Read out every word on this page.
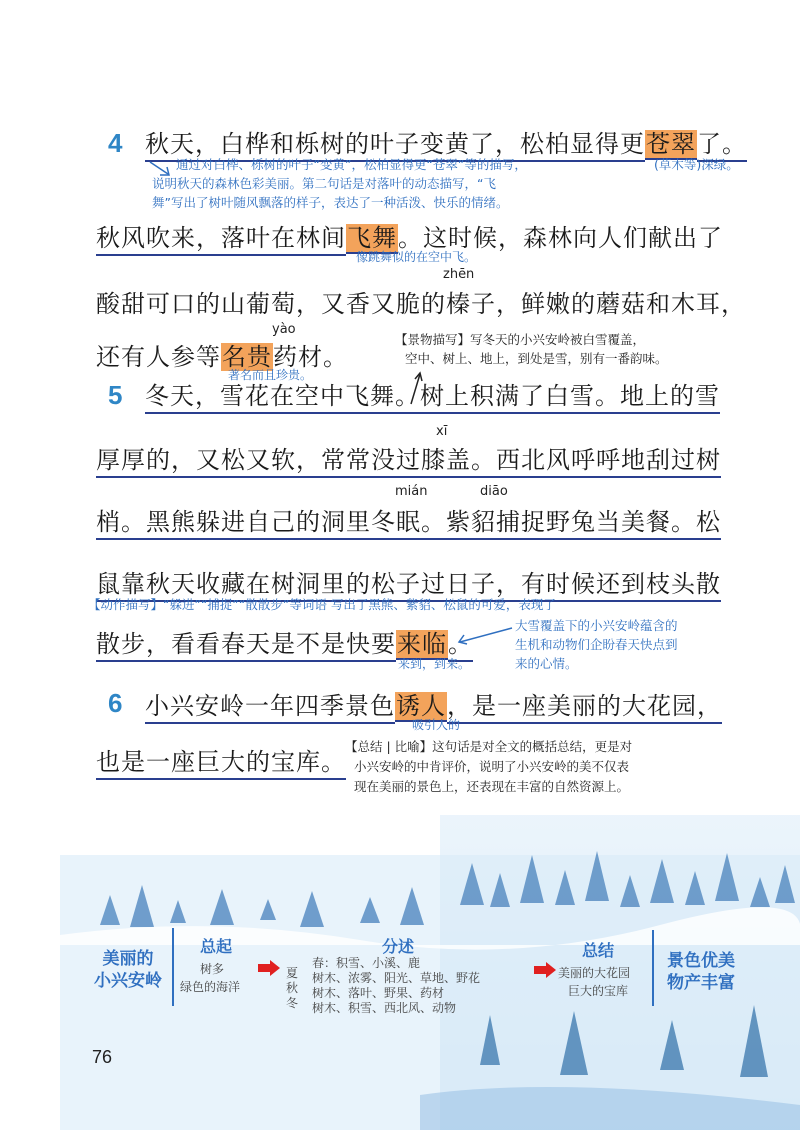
4 秋天，白桦和栎树的叶子变黄了，松柏显得更苍翠了。
通过对白桦、栎树的叶子“变黄”，松柏显得更“苍翠”等的描写，	(草木等)深绿。
说明秋天的森林色彩美丽。第二句话是对落叶的动态描写，“飞
舞”写出了树叶随风飘落的样子，表达了一种活泼、快乐的情绪。
秋风吹来，落叶在林间飞舞。这时候，森林向人们献出了
像跳舞似的在空中飞。
zhēn
酸甜可口的山葡萄，又香又脆的榛子，鲜嫩的蘑菇和木耳，
yào
还有人参等名贵药材。
著名而且珍贵。
【景物描写】写冬天的小兴安岭被白雪覆盖，
空中、树上、地上，到处是雪，别有一番韵味。
5 冬天，雪花在空中飞舞。树上积满了白雪。地上的雪
xī
厚厚的，又松又软，常常没过膝盖。西北风呼呼地刮过树
mián	diāo
梢。黑熊躲进自己的洞里冬眠。紫貂捕捉野兔当美餐。松
鼠靠秋天收藏在树洞里的松子过日子，有时候还到枝头散
【动作描写】“躲进”“捕捉”“散散步”等词语 写出了黑熊、紫貂、松鼠的可爱，表现了
散步，看看春天是不是快要来临。
来到，到来。
大雪覆盖下的小兴安岭蕴含的
生机和动物们企盼春天快点到
来的心情。
6 小兴安岭一年四季景色诱人，是一座美丽的大花园，
吸引人的
也是一座巨大的宝库。
【总结 | 比喻】这句话是对全文的概括总结，更是对
小兴安岭的中肯评价，说明了小兴安岭的美不仅表
现在美丽的景色上，还表现在丰富的自然资源上。
美丽的
小兴安岭
总起
树多
绿色的海洋
夏
秋
冬
分述
春：积雪、小溪、鹿
树木、浓雾、阳光、草地、野花
树木、落叶、野果、药材
树木、积雪、西北风、动物
总结
美丽的大花园
巨大的宝库
景色优美
物产丰富
76
